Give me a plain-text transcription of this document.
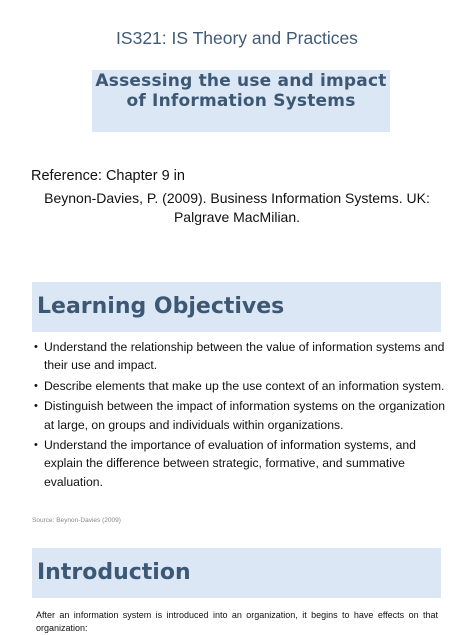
IS321: IS Theory and Practices

Assessing the use and impact of Information Systems

Reference: Chapter 9 in
Beynon-Davies, P. (2009). Business Information Systems. UK: Palgrave MacMilian.
Learning Objectives
• Understand the relationship between the value of information systems and their use and impact.
• Describe elements that make up the use context of an information system.
• Distinguish between the impact of information systems on the organization at large, on groups and individuals within organizations.
• Understand the importance of evaluation of information systems, and explain the difference between strategic, formative, and summative evaluation.
Source: Beynon-Davies (2009)
Introduction
After an information system is introduced into an organization, it begins to have effects on that organization:
